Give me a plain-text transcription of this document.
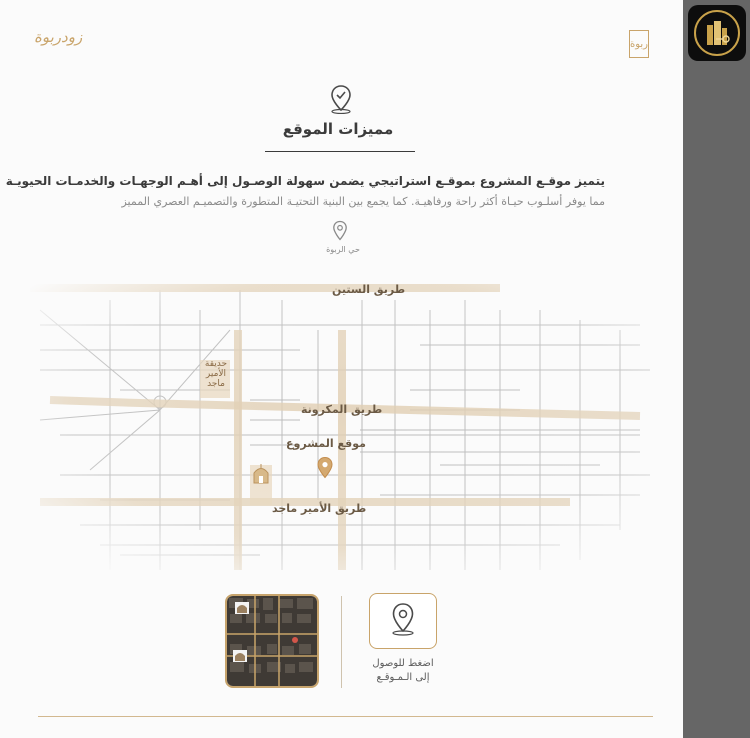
زودربوة	ربوة
مميزات الموقع
يتميز موقـع المشروع بموقـع استراتيجي يضمن سهولة الوصـول إلى أهـم الوجهـات والخدمـات الحيويـة
مما يوفر أسلـوب حيـاة أكثر راحة ورفاهيـة. كما يجمع بين البنية التحتيـة المتطورة والتصميـم العصري المميز
حي الربوة
طريق الستين
طريق المكرونة
موقع المشروع
طريق الأمير ماجد
حديقة الأمير ماجد
اضغط للوصول
إلى الـمـوقـع
